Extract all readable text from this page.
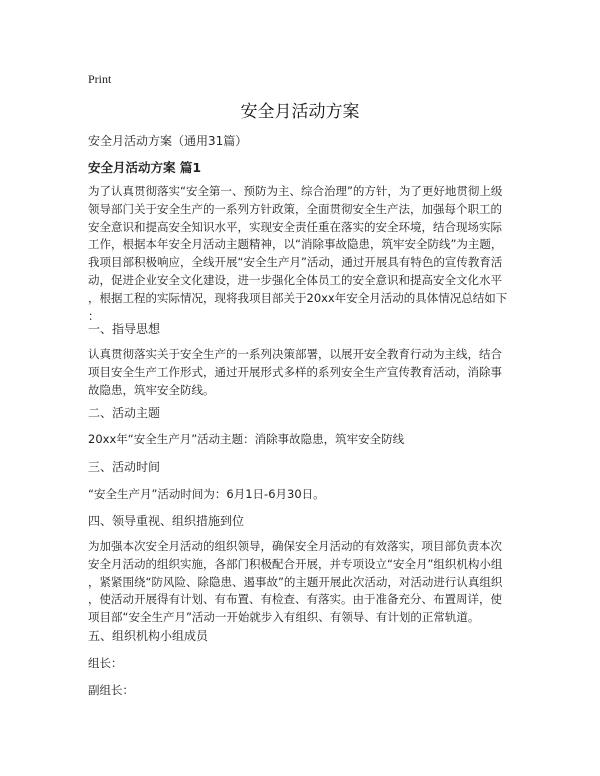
Print
安全月活动方案
安全月活动方案（通用31篇）
安全月活动方案 篇1
为了认真贯彻落实“安全第一、预防为主、综合治理”的方针，为了更好地贯彻上级
领导部门关于安全生产的一系列方针政策，全面贯彻安全生产法，加强每个职工的
安全意识和提高安全知识水平，实现安全责任重在落实的安全环境，结合现场实际
工作，根据本年安全月活动主题精神，以“消除事故隐患，筑牢安全防线”为主题，
我项目部积极响应，全线开展“安全生产月”活动，通过开展具有特色的宣传教育活
动，促进企业安全文化建设，进一步强化全体员工的安全意识和提高安全文化水平
，根据工程的实际情况，现将我项目部关于20xx年安全月活动的具体情况总结如下
：
一、指导思想
认真贯彻落实关于安全生产的一系列决策部署，以展开安全教育行动为主线，结合
项目安全生产工作形式，通过开展形式多样的系列安全生产宣传教育活动，消除事
故隐患，筑牢安全防线。
二、活动主题
20xx年“安全生产月”活动主题：消除事故隐患，筑牢安全防线
三、活动时间
“安全生产月”活动时间为：6月1日-6月30日。
四、领导重视、组织措施到位
为加强本次安全月活动的组织领导，确保安全月活动的有效落实，项目部负责本次
安全月活动的组织实施，各部门积极配合开展，并专项设立“安全月”组织机构小组
，紧紧围绕“防风险、除隐患、遏事故”的主题开展此次活动，对活动进行认真组织
，使活动开展得有计划、有布置、有检查、有落实。由于准备充分、布置周详，使
项目部“安全生产月”活动一开始就步入有组织、有领导、有计划的正常轨道。
五、组织机构小组成员
组长：
副组长：
